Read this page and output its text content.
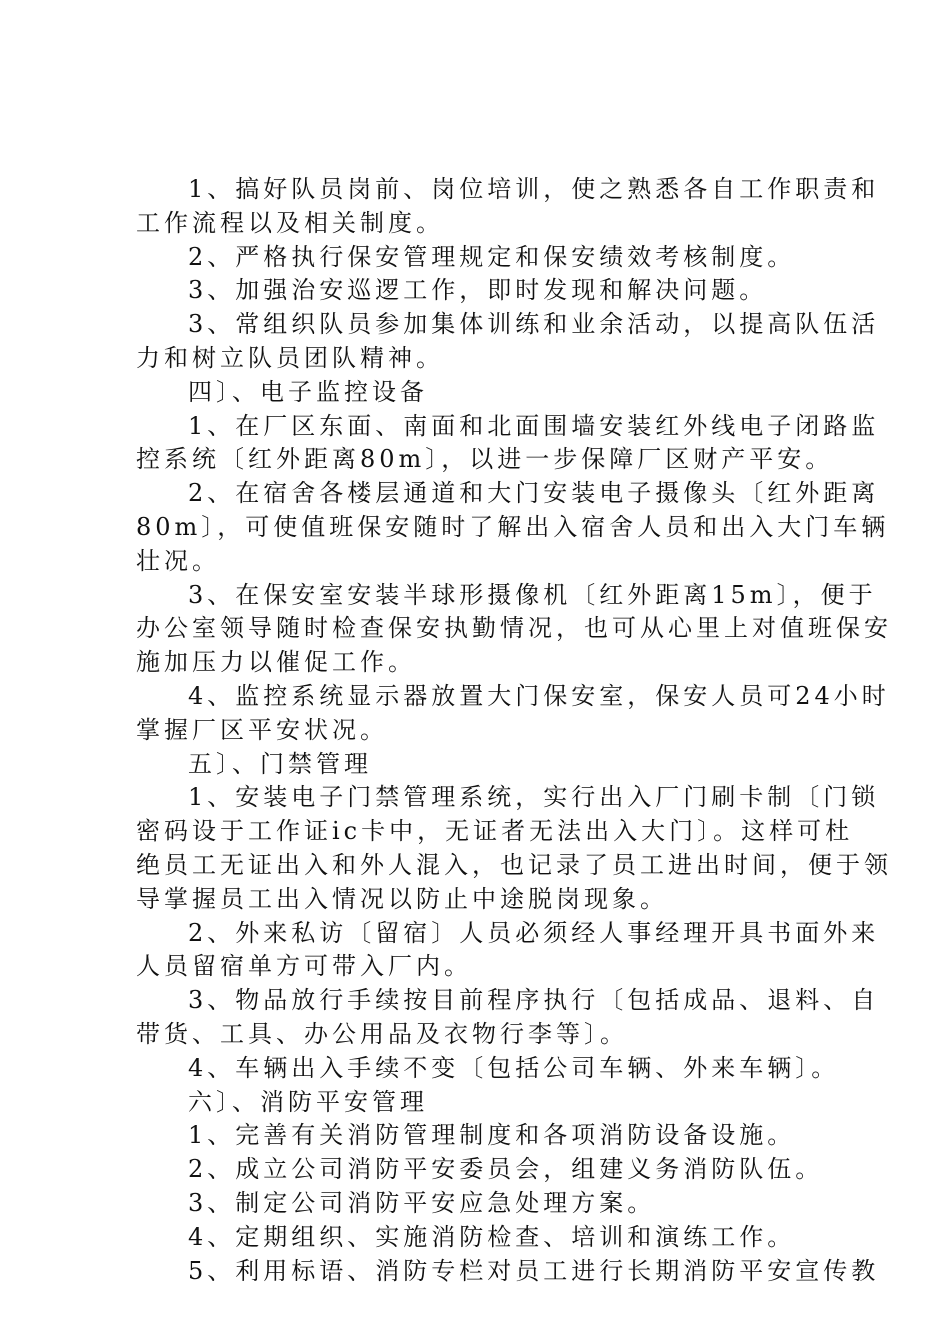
1、搞好队员岗前、岗位培训，使之熟悉各自工作职责和
工作流程以及相关制度。
2、严格执行保安管理规定和保安绩效考核制度。
3、加强治安巡逻工作，即时发现和解决问题。
3、常组织队员参加集体训练和业余活动，以提高队伍活
力和树立队员团队精神。
四〕、电子监控设备
1、在厂区东面、南面和北面围墙安装红外线电子闭路监
控系统〔红外距离80m〕，以进一步保障厂区财产平安。
2、在宿舍各楼层通道和大门安装电子摄像头〔红外距离
80m〕，可使值班保安随时了解出入宿舍人员和出入大门车辆
壮况。
3、在保安室安装半球形摄像机〔红外距离15m〕，便于
办公室领导随时检查保安执勤情况，也可从心里上对值班保安
施加压力以催促工作。
4、监控系统显示器放置大门保安室，保安人员可24小时
掌握厂区平安状况。
五〕、门禁管理
1、安装电子门禁管理系统，实行出入厂门刷卡制〔门锁
密码设于工作证ic卡中，无证者无法出入大门〕。这样可杜
绝员工无证出入和外人混入，也记录了员工进出时间，便于领
导掌握员工出入情况以防止中途脱岗现象。
2、外来私访〔留宿〕人员必须经人事经理开具书面外来
人员留宿单方可带入厂内。
3、物品放行手续按目前程序执行〔包括成品、退料、自
带货、工具、办公用品及衣物行李等〕。
4、车辆出入手续不变〔包括公司车辆、外来车辆〕。
六〕、消防平安管理
1、完善有关消防管理制度和各项消防设备设施。
2、成立公司消防平安委员会，组建义务消防队伍。
3、制定公司消防平安应急处理方案。
4、定期组织、实施消防检查、培训和演练工作。
5、利用标语、消防专栏对员工进行长期消防平安宣传教
